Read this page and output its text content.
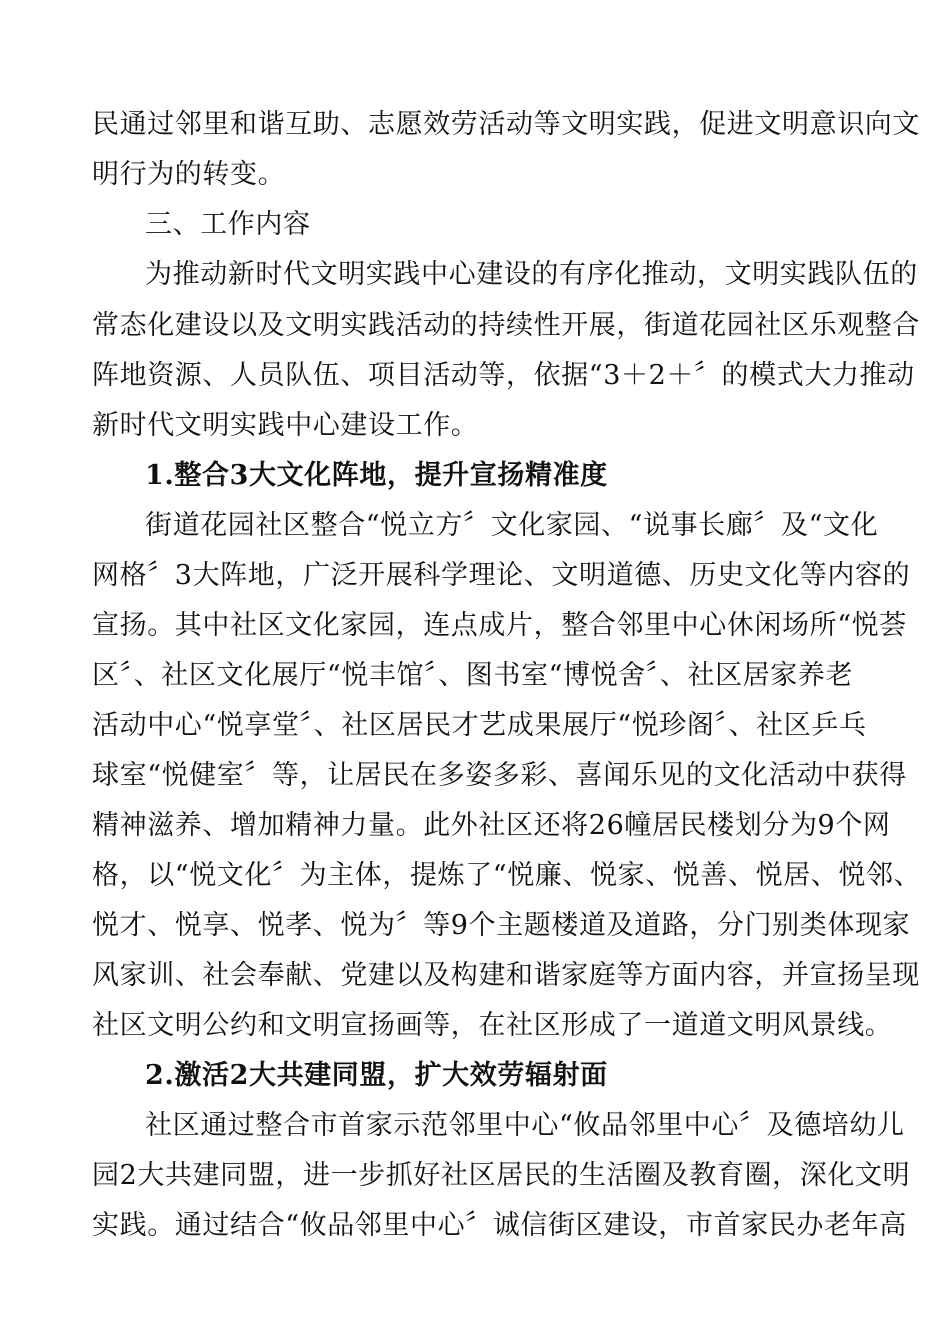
民通过邻里和谐互助、志愿效劳活动等文明实践，促进文明意识向文
明行为的转变。
三、工作内容
为推动新时代文明实践中心建设的有序化推动，文明实践队伍的
常态化建设以及文明实践活动的持续性开展，街道花园社区乐观整合
阵地资源、人员队伍、项目活动等，依据“3＋2＋〞的模式大力推动
新时代文明实践中心建设工作。
1.整合3大文化阵地，提升宣扬精准度
街道花园社区整合“悦立方〞文化家园、“说事长廊〞及“文化
网格〞3大阵地，广泛开展科学理论、文明道德、历史文化等内容的
宣扬。其中社区文化家园，连点成片，整合邻里中心休闲场所“悦荟
区〞、社区文化展厅“悦丰馆〞、图书室“博悦舍〞、社区居家养老
活动中心“悦享堂〞、社区居民才艺成果展厅“悦珍阁〞、社区乒乓
球室“悦健室〞等，让居民在多姿多彩、喜闻乐见的文化活动中获得
精神滋养、增加精神力量。此外社区还将26幢居民楼划分为9个网
格，以“悦文化〞为主体，提炼了“悦廉、悦家、悦善、悦居、悦邻、
悦才、悦享、悦孝、悦为〞等9个主题楼道及道路，分门别类体现家
风家训、社会奉献、党建以及构建和谐家庭等方面内容，并宣扬呈现
社区文明公约和文明宣扬画等，在社区形成了一道道文明风景线。
2.激活2大共建同盟，扩大效劳辐射面
社区通过整合市首家示范邻里中心“攸品邻里中心〞及德培幼儿
园2大共建同盟，进一步抓好社区居民的生活圈及教育圈，深化文明
实践。通过结合“攸品邻里中心〞诚信街区建设，市首家民办老年高
